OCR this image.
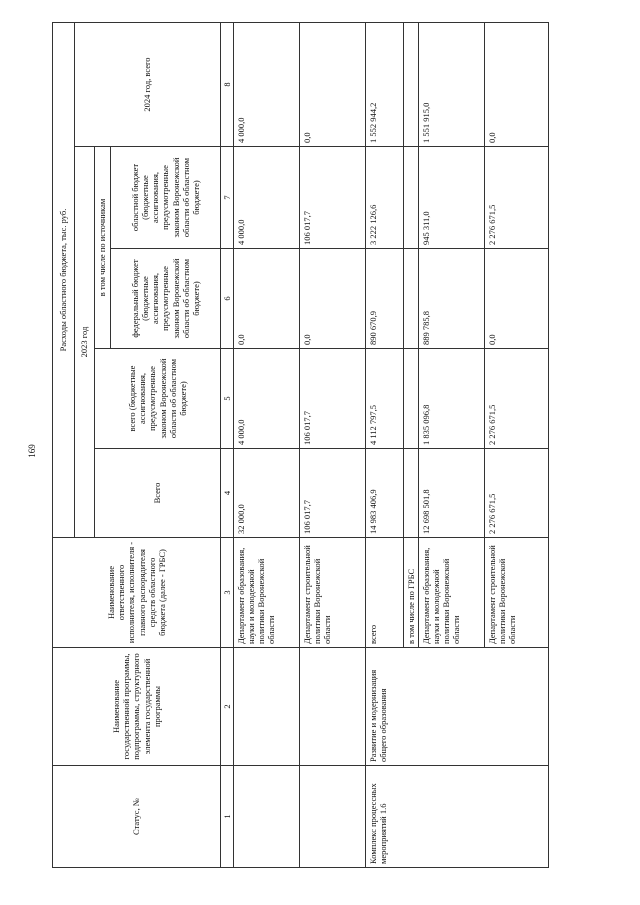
169
Статус, №	Наименование государственной программы, подпрограммы, структурного элемента государственной программы	Наименование ответственного исполнителя, исполнителя - главного распорядителя средств областного бюджета (далее - ГРБС)	Расходы областного бюджета, тыс. руб.				
			2023 год				2024 год, всего
			Всего	всего (бюджетные ассигнования, предусмотренные законом Воронежской области об областном бюджете)	в том числе по источникам		
					федеральный бюджет (бюджетные ассигнования, предусмотренные законом Воронежской области об областном бюджете)	областной бюджет (бюджетные ассигнования, предусмотренные законом Воронежской области об областном бюджете)	
1	2	3	4	5	6	7	8
		Департамент образования, науки и молодежной политики Воронежской области	32 000,0	4 000,0	0,0	4 000,0	4 000,0
		Департамент строительной политики Воронежской области	106 017,7	106 017,7	0,0	106 017,7	0,0
Комплекс процессных мероприятий 1.6	Развитие и модернизация общего образования	всего	14 983 406,9	4 112 797,5	890 670,9	3 222 126,6	1 552 944,2
		в том числе по ГРБС					
		Департамент образования, науки и молодежной политики Воронежской области	12 698 501,8	1 835 096,8	889 785,8	945 311,0	1 551 915,0
		Департамент строительной политики Воронежской области	2 276 671,5	2 276 671,5	0,0	2 276 671,5	0,0
